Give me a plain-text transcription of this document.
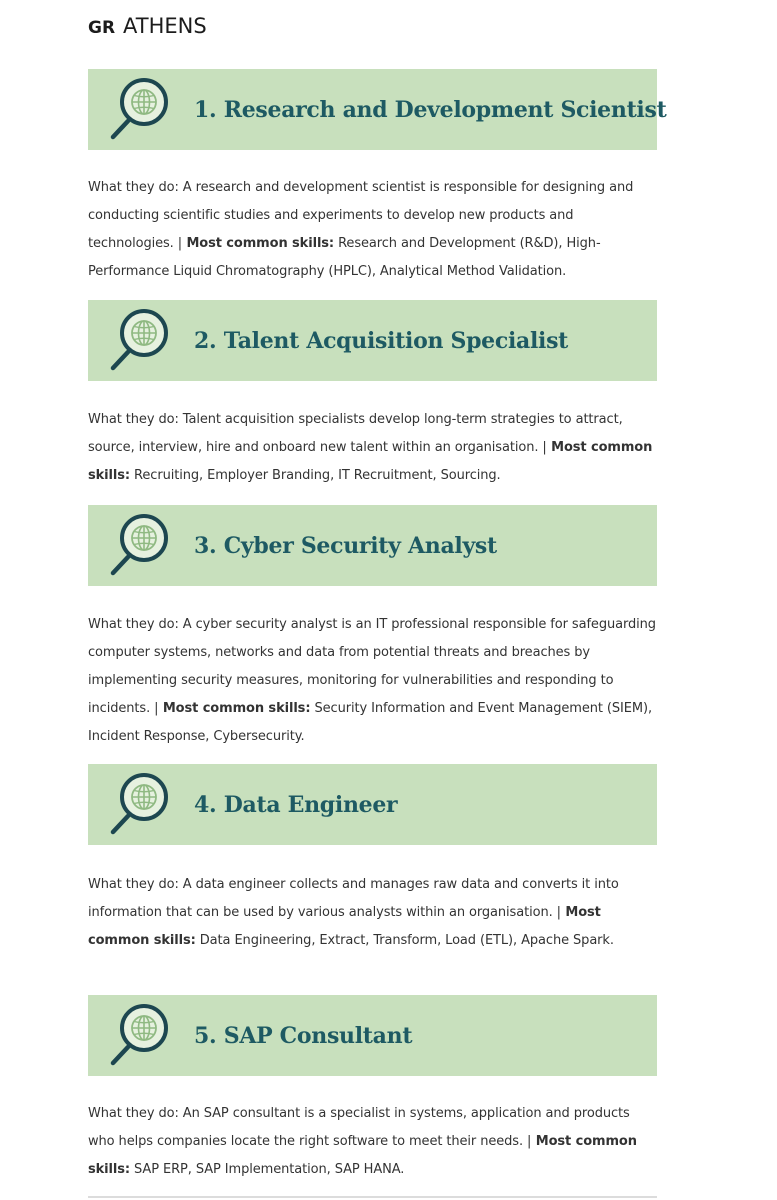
GR ATHENS
1. Research and Development Scientist
What they do: A research and development scientist is responsible for designing and conducting scientific studies and experiments to develop new products and technologies. | Most common skills: Research and Development (R&D), High-Performance Liquid Chromatography (HPLC), Analytical Method Validation.
2. Talent Acquisition Specialist
What they do: Talent acquisition specialists develop long-term strategies to attract, source, interview, hire and onboard new talent within an organisation. | Most common skills: Recruiting, Employer Branding, IT Recruitment, Sourcing.
3. Cyber Security Analyst
What they do: A cyber security analyst is an IT professional responsible for safeguarding computer systems, networks and data from potential threats and breaches by implementing security measures, monitoring for vulnerabilities and responding to incidents. | Most common skills: Security Information and Event Management (SIEM), Incident Response, Cybersecurity.
4. Data Engineer
What they do: A data engineer collects and manages raw data and converts it into information that can be used by various analysts within an organisation. | Most common skills: Data Engineering, Extract, Transform, Load (ETL), Apache Spark.
5. SAP Consultant
What they do: An SAP consultant is a specialist in systems, application and products who helps companies locate the right software to meet their needs. | Most common skills: SAP ERP, SAP Implementation, SAP HANA.
